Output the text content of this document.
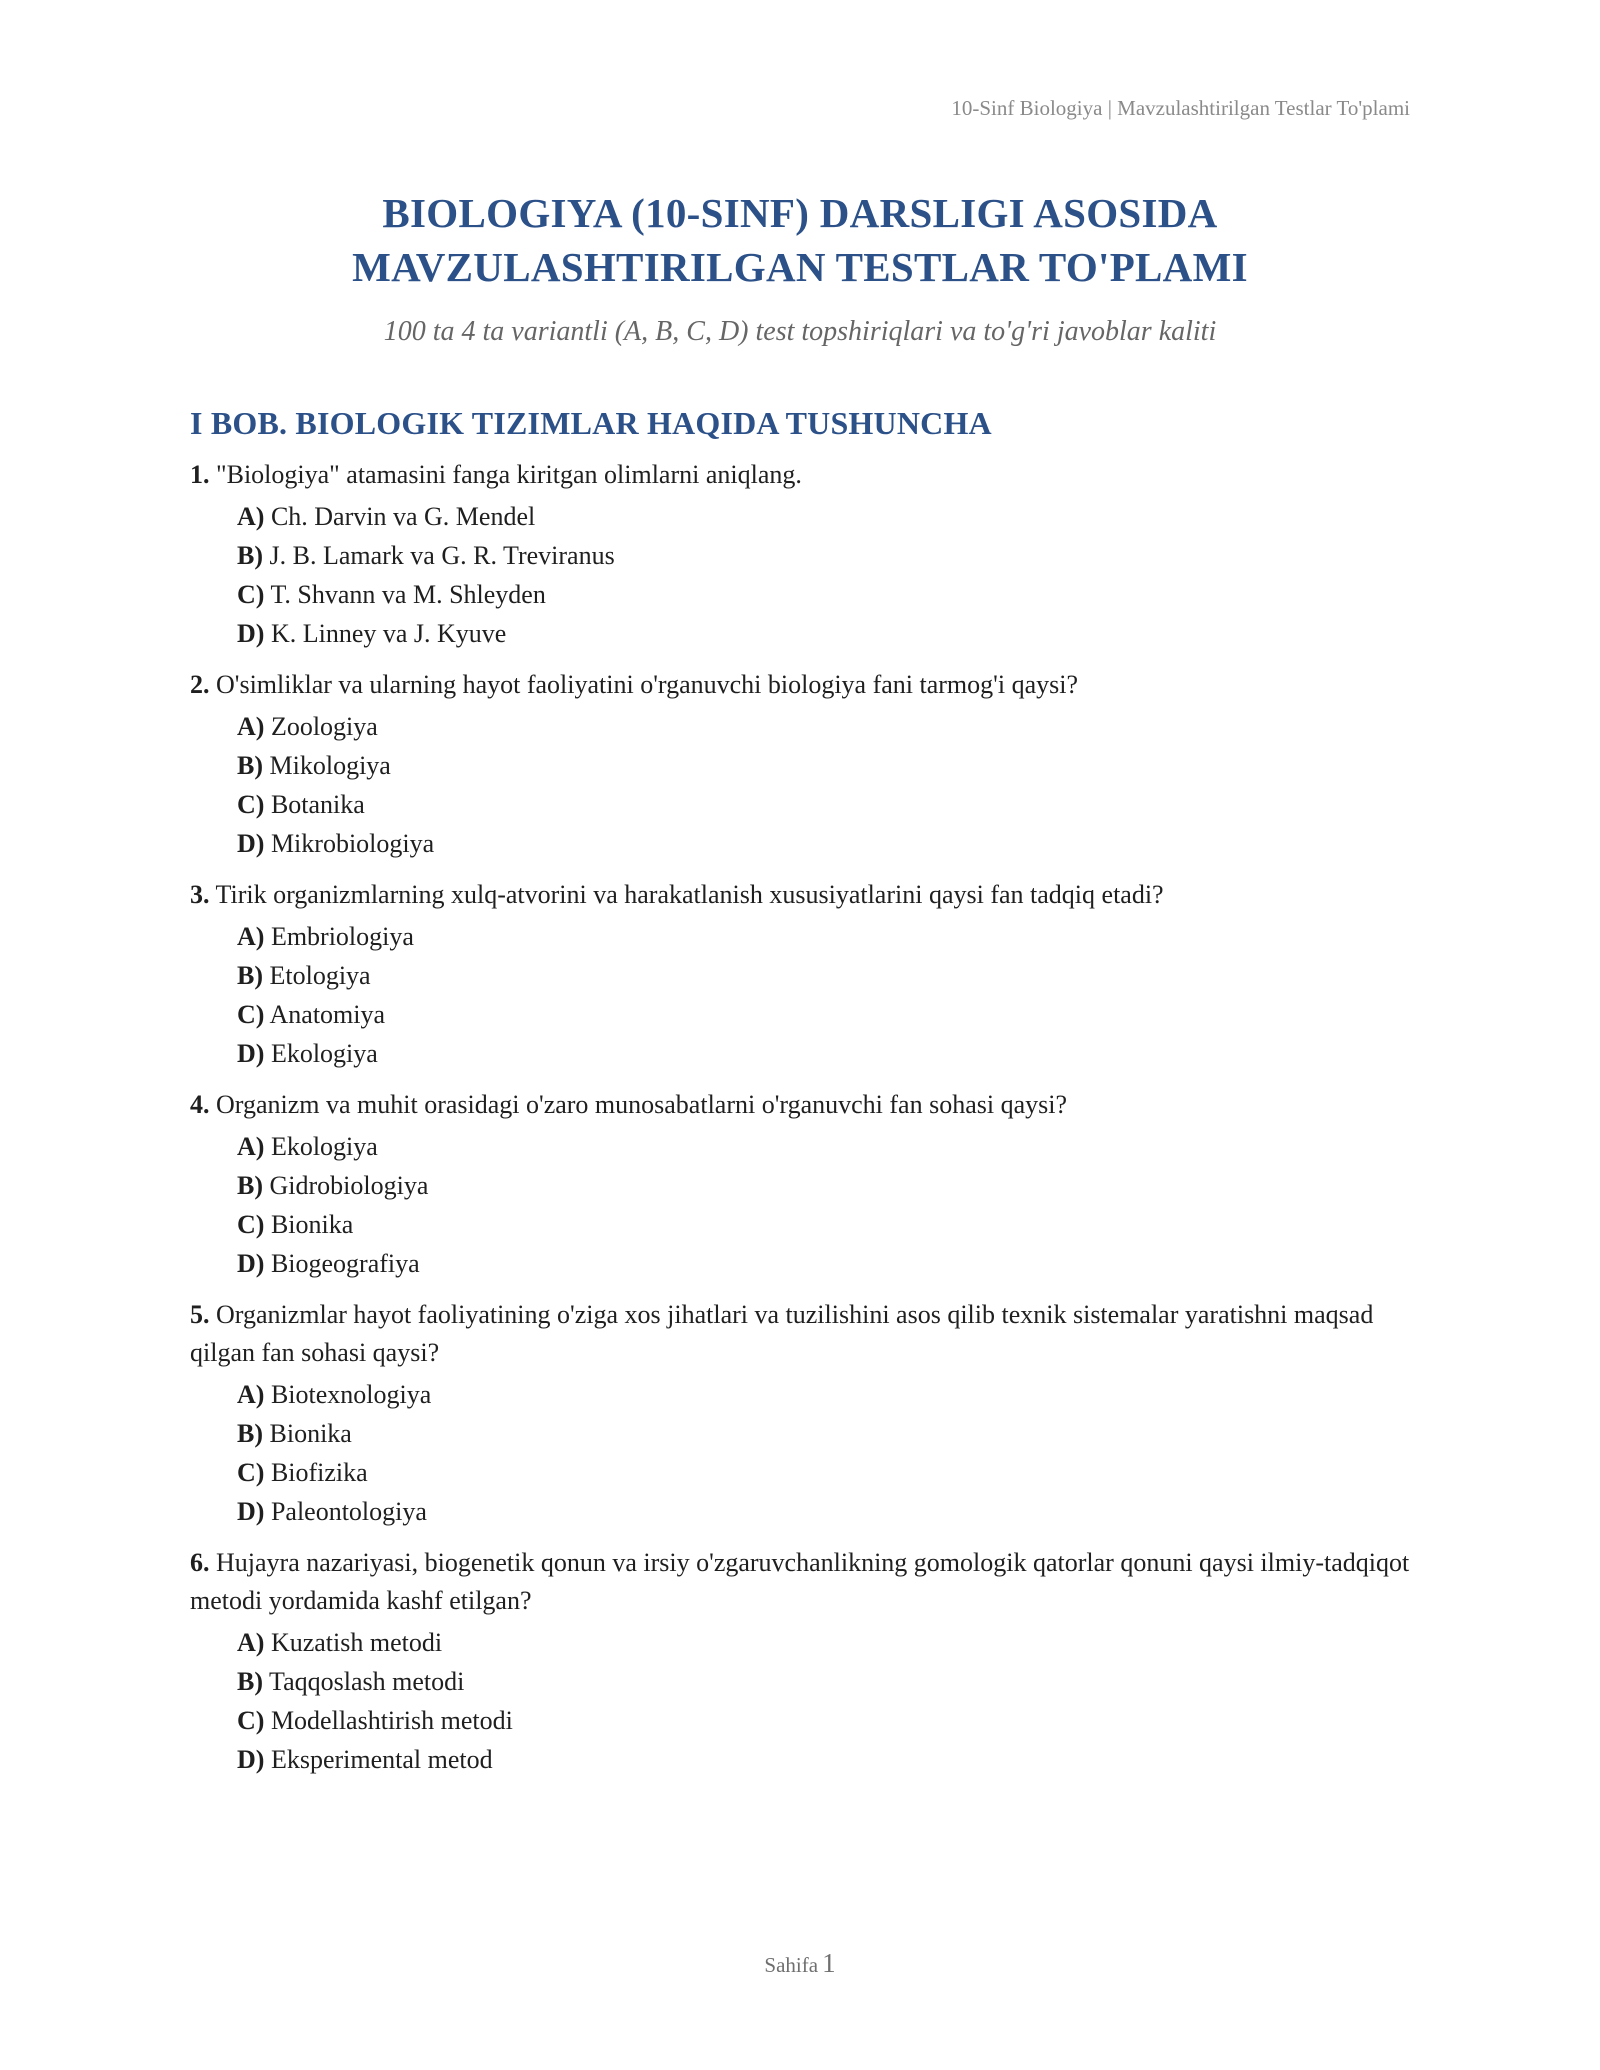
10-Sinf Biologiya | Mavzulashtirilgan Testlar To'plami
BIOLOGIYA (10-SINF) DARSLIGI ASOSIDA
MAVZULASHTIRILGAN TESTLAR TO'PLAMI
100 ta 4 ta variantli (A, B, C, D) test topshiriqlari va to'g'ri javoblar kaliti
I BOB. BIOLOGIK TIZIMLAR HAQIDA TUSHUNCHA
1. "Biologiya" atamasini fanga kiritgan olimlarni aniqlang.
A) Ch. Darvin va G. Mendel
B) J. B. Lamark va G. R. Treviranus
C) T. Shvann va M. Shleyden
D) K. Linney va J. Kyuve
2. O'simliklar va ularning hayot faoliyatini o'rganuvchi biologiya fani tarmog'i qaysi?
A) Zoologiya
B) Mikologiya
C) Botanika
D) Mikrobiologiya
3. Tirik organizmlarning xulq-atvorini va harakatlanish xususiyatlarini qaysi fan tadqiq etadi?
A) Embriologiya
B) Etologiya
C) Anatomiya
D) Ekologiya
4. Organizm va muhit orasidagi o'zaro munosabatlarni o'rganuvchi fan sohasi qaysi?
A) Ekologiya
B) Gidrobiologiya
C) Bionika
D) Biogeografiya
5. Organizmlar hayot faoliyatining o'ziga xos jihatlari va tuzilishini asos qilib texnik sistemalar yaratishni maqsad qilgan fan sohasi qaysi?
A) Biotexnologiya
B) Bionika
C) Biofizika
D) Paleontologiya
6. Hujayra nazariyasi, biogenetik qonun va irsiy o'zgaruvchanlikning gomologik qatorlar qonuni qaysi ilmiy-tadqiqot metodi yordamida kashf etilgan?
A) Kuzatish metodi
B) Taqqoslash metodi
C) Modellashtirish metodi
D) Eksperimental metod
Sahifa 1
